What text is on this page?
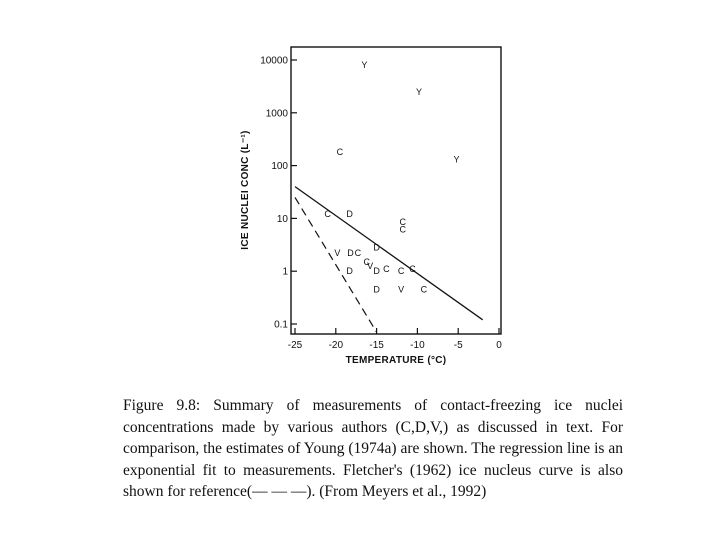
-25	-20	-15	-10	-5	0
0.1
1
10
100
1000
10000
C
C
C
C
C C C
C
C
C
D
D
D
D D
D
V
V
V
Y
Y
Y
TEMPERATURE (°C)
ICE NUCLEI CONC (L⁻¹)
Figure 9.8: Summary of measurements of contact-freezing ice nuclei concentrations made by various authors (C,D,V,) as discussed in text. For comparison, the estimates of Young (1974a) are shown. The regression line is an exponential fit to measurements. Fletcher's (1962) ice nucleus curve is also shown for reference(— — —). (From Meyers et al., 1992)
